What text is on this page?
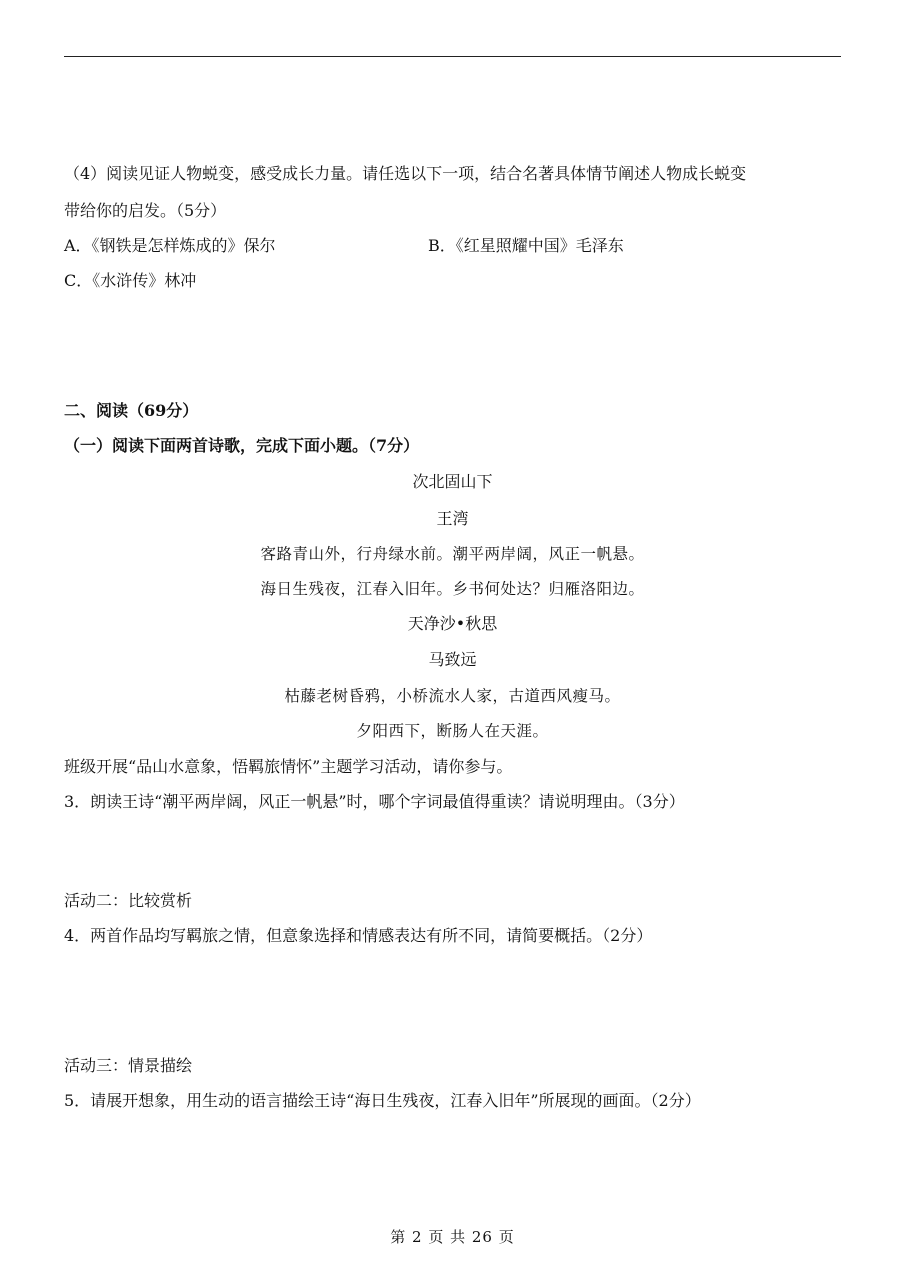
（4）阅读见证人物蜕变，感受成长力量。请任选以下一项，结合名著具体情节阐述人物成长蜕变
带给你的启发。（5分）
A．《钢铁是怎样炼成的》保尔	B．《红星照耀中国》毛泽东
C．《水浒传》林冲
二、阅读（69分）
（一）阅读下面两首诗歌，完成下面小题。（7分）
次北固山下
王湾
客路青山外，行舟绿水前。潮平两岸阔，风正一帆悬。
海日生残夜，江春入旧年。乡书何处达？归雁洛阳边。
天净沙•秋思
马致远
枯藤老树昏鸦，小桥流水人家，古道西风瘦马。
夕阳西下，断肠人在天涯。
班级开展“品山水意象，悟羁旅情怀”主题学习活动，请你参与。
3．朗读王诗“潮平两岸阔，风正一帆悬”时，哪个字词最值得重读？请说明理由。（3分）
活动二：比较赏析
4．两首作品均写羁旅之情，但意象选择和情感表达有所不同，请简要概括。（2分）
活动三：情景描绘
5．请展开想象，用生动的语言描绘王诗“海日生残夜，江春入旧年”所展现的画面。（2分）
第 2 页 共 26 页
